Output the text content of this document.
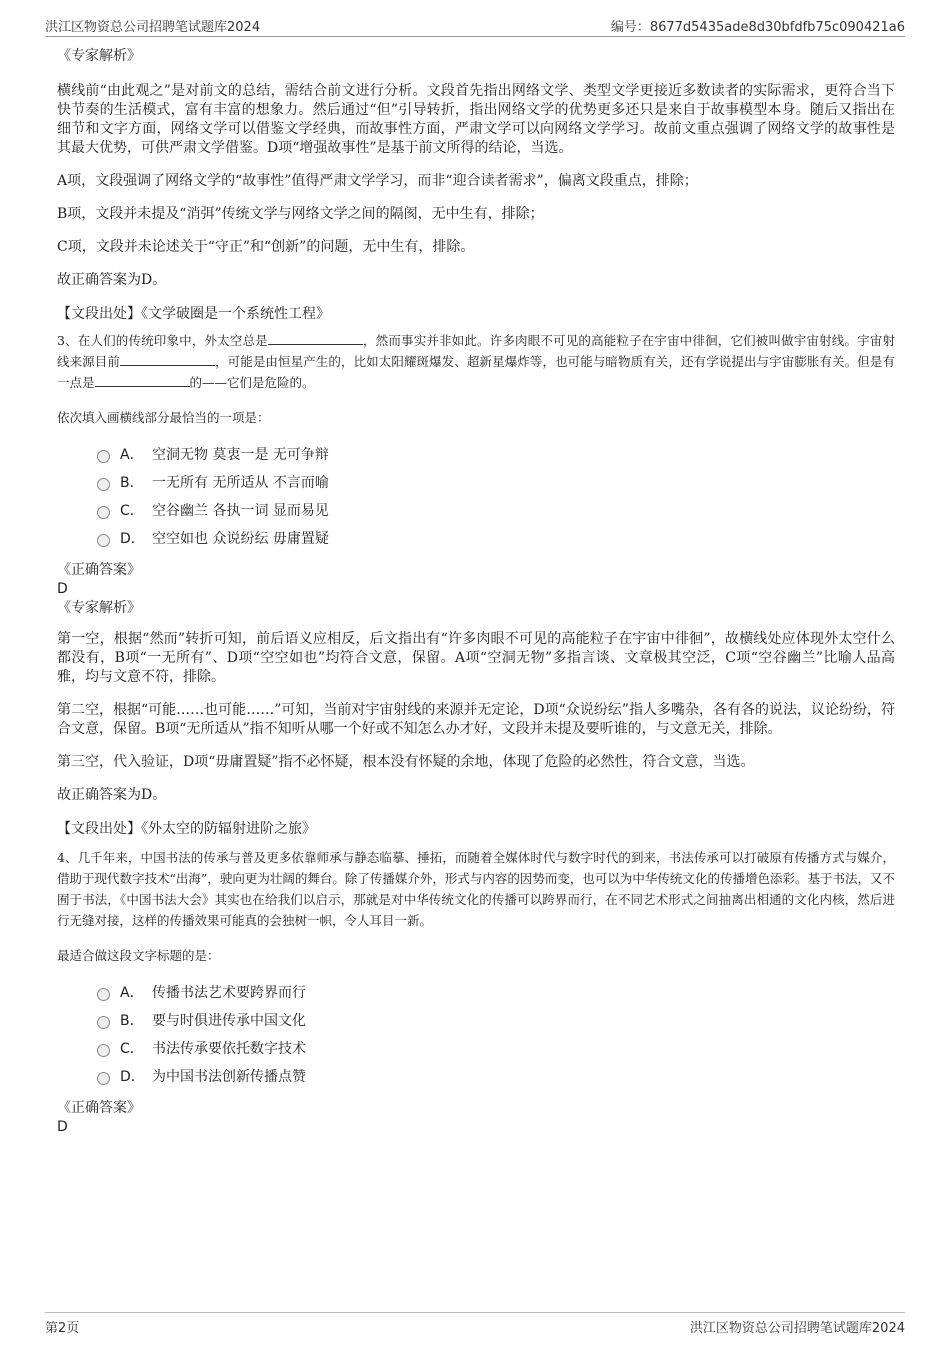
洪江区物资总公司招聘笔试题库2024	编号：8677d5435ade8d30bfdfb75c090421a6
《专家解析》
横线前“由此观之”是对前文的总结，需结合前文进行分析。文段首先指出网络文学、类型文学更接近多数读者的实际需求，更符合当下快节奏的生活模式，富有丰富的想象力。然后通过“但”引导转折，指出网络文学的优势更多还只是来自于故事模型本身。随后又指出在细节和文字方面，网络文学可以借鉴文学经典，而故事性方面，严肃文学可以向网络文学学习。故前文重点强调了网络文学的故事性是其最大优势，可供严肃文学借鉴。D项“增强故事性”是基于前文所得的结论，当选。
A项，文段强调了网络文学的“故事性”值得严肃文学学习，而非“迎合读者需求”，偏离文段重点，排除；
B项，文段并未提及“消弭”传统文学与网络文学之间的隔阂，无中生有，排除；
C项，文段并未论述关于“守正”和“创新”的问题，无中生有，排除。
故正确答案为D。
【文段出处】《文学破圈是一个系统性工程》
3、在人们的传统印象中，外太空总是	，然而事实并非如此。许多肉眼不可见的高能粒子在宇宙中徘徊，它们被叫做宇宙射线。宇宙射线来源目前	，可能是由恒星产生的，比如太阳耀斑爆发、超新星爆炸等，也可能与暗物质有关，还有学说提出与宇宙膨胀有关。但是有一点是	的——它们是危险的。
依次填入画横线部分最恰当的一项是：
A． 空洞无物 莫衷一是 无可争辩
B． 一无所有 无所适从 不言而喻
C． 空谷幽兰 各执一词 显而易见
D． 空空如也 众说纷纭 毋庸置疑
《正确答案》
D
《专家解析》
第一空，根据“然而”转折可知，前后语义应相反，后文指出有“许多肉眼不可见的高能粒子在宇宙中徘徊”，故横线处应体现外太空什么都没有，B项“一无所有”、D项“空空如也”均符合文意，保留。A项“空洞无物”多指言谈、文章极其空泛，C项“空谷幽兰”比喻人品高雅，均与文意不符，排除。
第二空，根据“可能……也可能……”可知，当前对宇宙射线的来源并无定论，D项“众说纷纭”指人多嘴杂，各有各的说法，议论纷纷，符合文意，保留。B项“无所适从”指不知听从哪一个好或不知怎么办才好，文段并未提及要听谁的，与文意无关，排除。
第三空，代入验证，D项“毋庸置疑”指不必怀疑，根本没有怀疑的余地，体现了危险的必然性，符合文意，当选。
故正确答案为D。
【文段出处】《外太空的防辐射进阶之旅》
4、几千年来，中国书法的传承与普及更多依靠师承与静态临摹、捶拓，而随着全媒体时代与数字时代的到来，书法传承可以打破原有传播方式与媒介，借助于现代数字技术“出海”，驶向更为壮阔的舞台。除了传播媒介外，形式与内容的因势而变，也可以为中华传统文化的传播增色添彩。基于书法，又不囿于书法，《中国书法大会》其实也在给我们以启示，那就是对中华传统文化的传播可以跨界而行，在不同艺术形式之间抽离出相通的文化内核，然后进行无缝对接，这样的传播效果可能真的会独树一帜，令人耳目一新。
最适合做这段文字标题的是：
A． 传播书法艺术要跨界而行
B． 要与时俱进传承中国文化
C． 书法传承要依托数字技术
D． 为中国书法创新传播点赞
《正确答案》
D
第2页	洪江区物资总公司招聘笔试题库2024
